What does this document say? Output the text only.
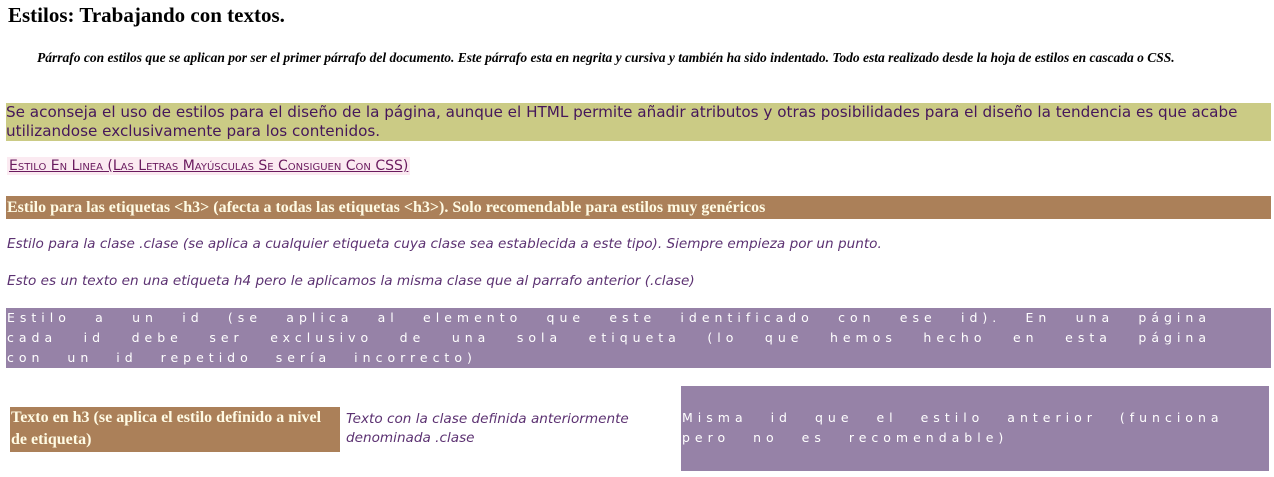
Estilos: Trabajando con textos.

Párrafo con estilos que se aplican por ser el primer párrafo del documento. Este párrafo esta en negrita y cursiva y también ha sido indentado. Todo esta realizado desde la hoja de estilos en cascada o CSS.

Se aconseja el uso de estilos para el diseño de la página, aunque el HTML permite añadir atributos y otras posibilidades para el diseño la tendencia es que acabe utilizandose exclusivamente para los contenidos.

Estilo En Linea (Las Letras Mayúsculas Se Consiguen Con CSS)
Estilo para las etiquetas <h3> (afecta a todas las etiquetas <h3>). Solo recomendable para estilos muy genéricos

Estilo para la clase .clase (se aplica a cualquier etiqueta cuya clase sea establecida a este tipo). Siempre empieza por un punto.

Esto es un texto en una etiqueta h4 pero le aplicamos la misma clase que al parrafo anterior (.clase)

Estilo a un id (se aplica al elemento que este identificado con ese id). En una página cada id debe ser exclusivo de una sola etiqueta (lo que hemos hecho en esta página con un id repetido sería incorrecto)

Texto en h3 (se aplica el estilo definido a nivel de etiqueta)

Texto con la clase definida anteriormente denominada .clase

Misma id que el estilo anterior (funciona pero no es recomendable)
